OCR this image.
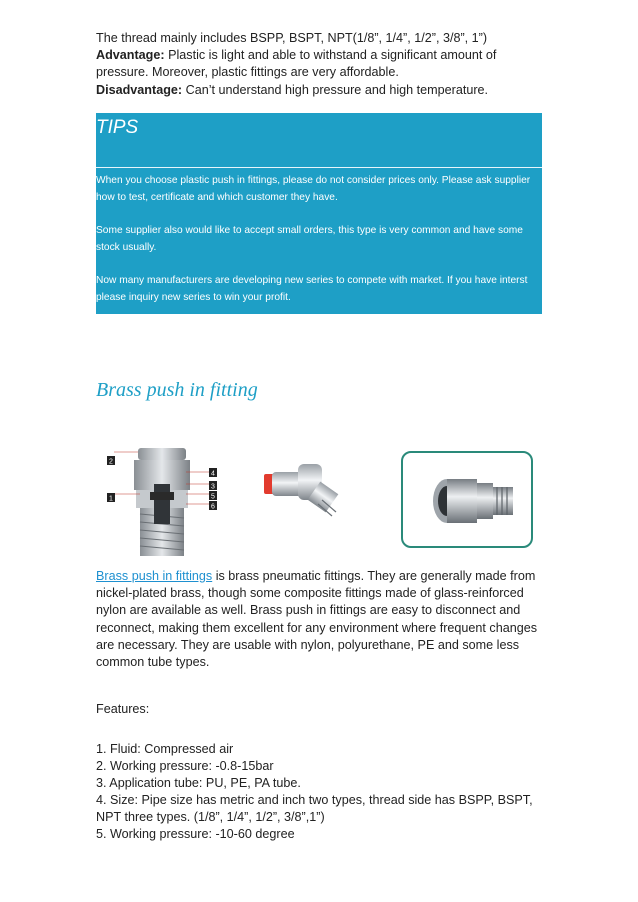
The thread mainly includes BSPP, BSPT, NPT(1/8”, 1/4”, 1/2”, 3/8”, 1”)
Advantage: Plastic is light and able to withstand a significant amount of pressure. Moreover, plastic fittings are very affordable.
Disadvantage: Can’t understand high pressure and high temperature.
TIPS
When you choose plastic push in fittings, please do not consider prices only. Please ask supplier
how to test, certificate and which customer they have.
Some supplier also would like to accept small orders, this type is very common and have some
stock usually.
Now many manufacturers are developing new series to compete with market. If you have interst
please inquiry new series to win your profit.
Brass push in fitting
2
1
4
3
5
6
Brass push in fittings is brass pneumatic fittings. They are generally made from nickel-plated brass, though some composite fittings made of glass-reinforced nylon are available as well. Brass push in fittings are easy to disconnect and reconnect, making them excellent for any environment where frequent changes are necessary. They are usable with nylon, polyurethane, PE and some less common tube types.
Features:
1. Fluid: Compressed air
2. Working pressure: -0.8-15bar
3. Application tube: PU, PE, PA tube.
4. Size: Pipe size has metric and inch two types, thread side has BSPP, BSPT, NPT three types. (1/8”, 1/4”, 1/2”, 3/8”,1”)
5. Working pressure: -10-60 degree
